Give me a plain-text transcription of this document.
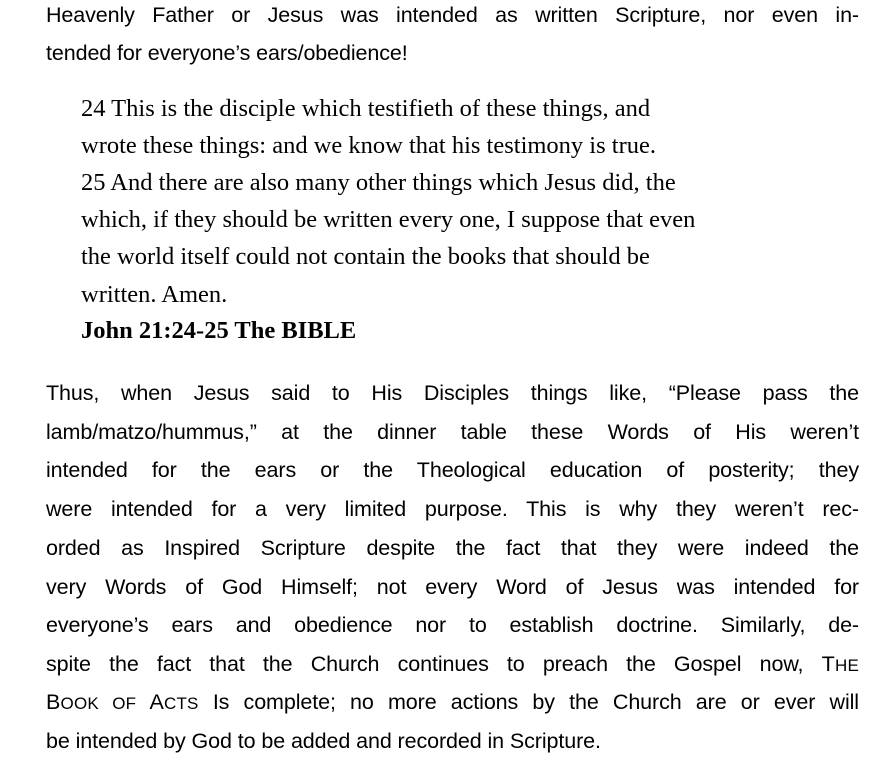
Heavenly Father or Jesus was intended as written Scripture, nor even in-
tended for everyone’s ears/obedience!
24 This is the disciple which testifieth of these things, and
wrote these things: and we know that his testimony is true.
25 And there are also many other things which Jesus did, the
which, if they should be written every one, I suppose that even
the world itself could not contain the books that should be
written. Amen.
John 21:24-25 The BIBLE
Thus, when Jesus said to His Disciples things like, “Please pass the
lamb/matzo/hummus,” at the dinner table these Words of His weren’t
intended for the ears or the Theological education of posterity; they
were intended for a very limited purpose. This is why they weren’t rec-
orded as Inspired Scripture despite the fact that they were indeed the
very Words of God Himself; not every Word of Jesus was intended for
everyone’s ears and obedience nor to establish doctrine. Similarly, de-
spite the fact that the Church continues to preach the Gospel now, THE
BOOK OF ACTS Is complete; no more actions by the Church are or ever will
be intended by God to be added and recorded in Scripture.
